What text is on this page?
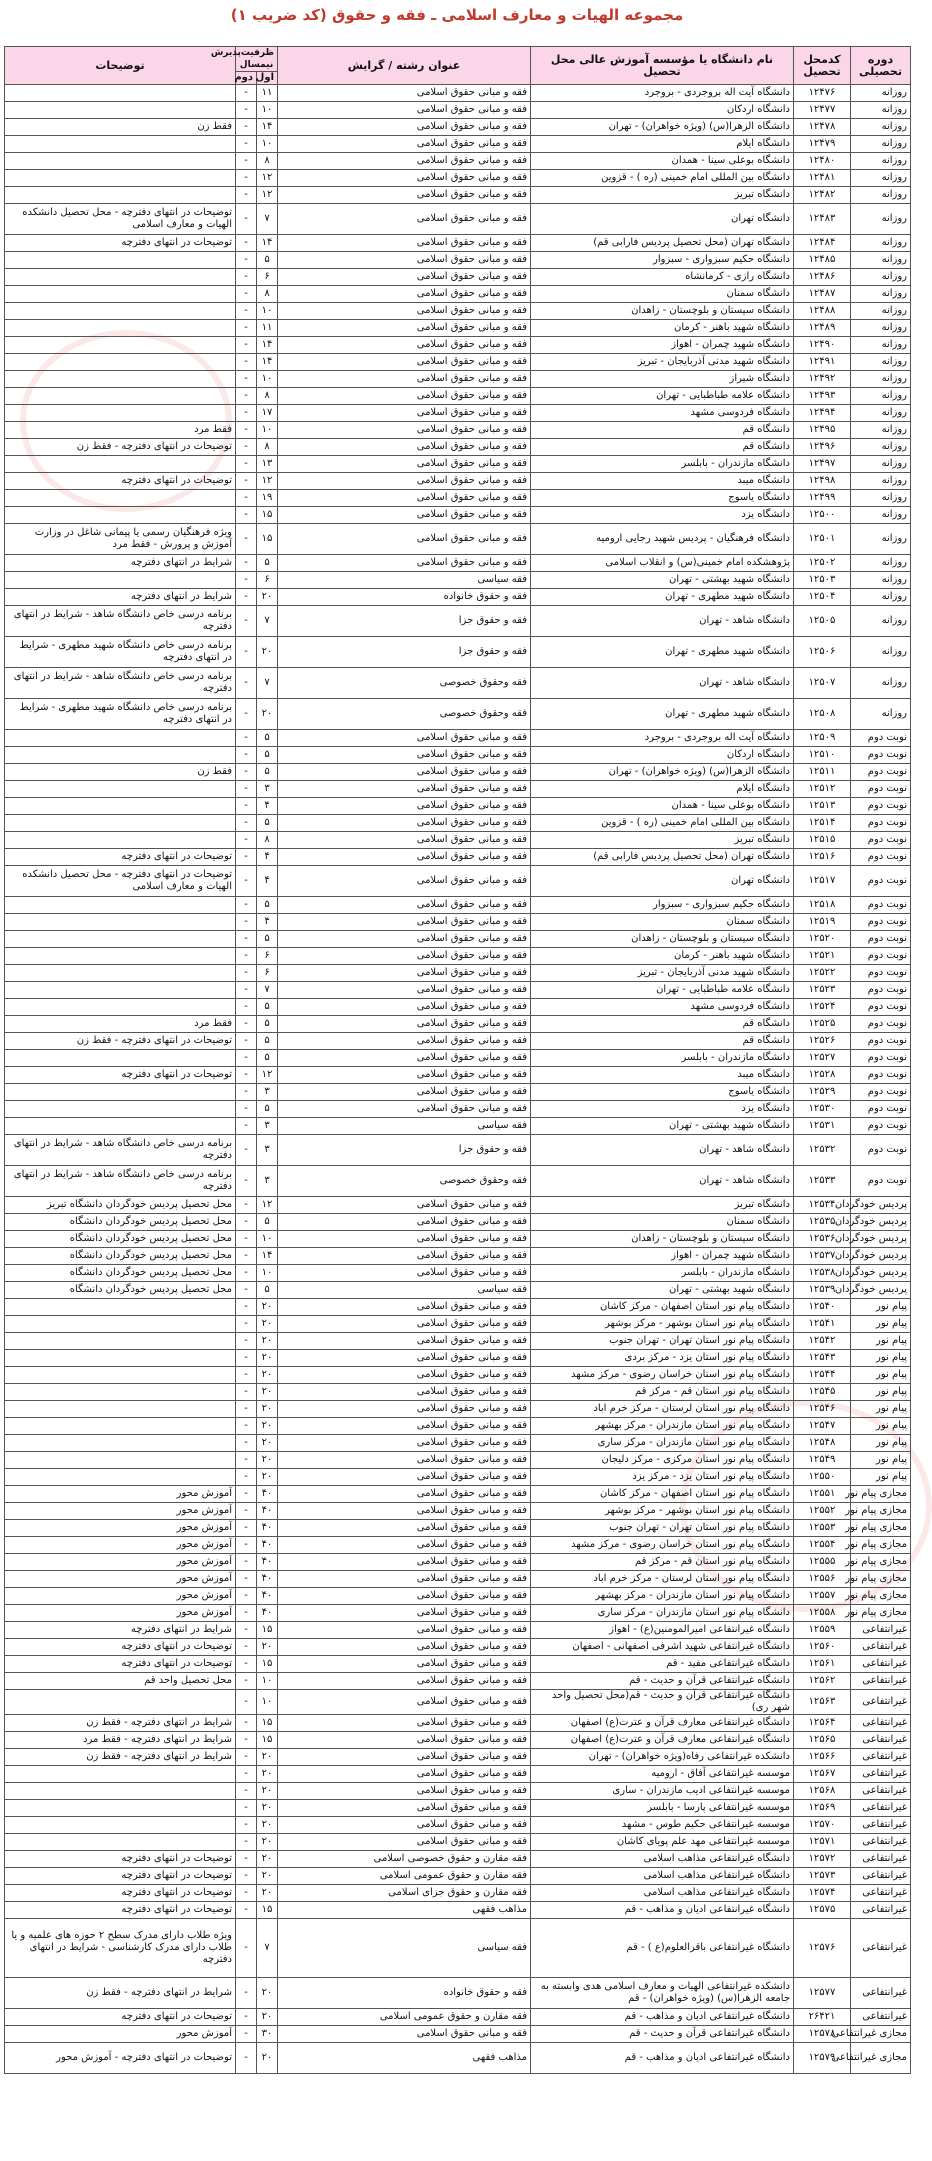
مجموعه الهیات و معارف اسلامی ـ فقه و حقوق (کد ضریب ۱)
دوره تحصیلی	کدمحل تحصیل	نام دانشگاه یا مؤسسه آموزش عالی محل تحصیل	عنوان رشته / گرایش	ظرفیت‌پذیرش نیمسال		توضیحات
				اول	دوم	
روزانه	۱۲۴۷۶	دانشگاه آیت اله بروجردی - بروجرد	فقه و مبانی حقوق اسلامی	۱۱	-	
روزانه	۱۲۴۷۷	دانشگاه اردکان	فقه و مبانی حقوق اسلامی	۱۰	-	
روزانه	۱۲۴۷۸	دانشگاه الزهرا(س) (ویژه خواهران) - تهران	فقه و مبانی حقوق اسلامی	۱۴	-	فقط زن
روزانه	۱۲۴۷۹	دانشگاه ایلام	فقه و مبانی حقوق اسلامی	۱۰	-	
روزانه	۱۲۴۸۰	دانشگاه بوعلی سینا - همدان	فقه و مبانی حقوق اسلامی	۸	-	
روزانه	۱۲۴۸۱	دانشگاه بین المللی امام خمینی (ره ) - قزوین	فقه و مبانی حقوق اسلامی	۱۲	-	
روزانه	۱۲۴۸۲	دانشگاه تبریز	فقه و مبانی حقوق اسلامی	۱۲	-	
روزانه	۱۲۴۸۳	دانشگاه تهران	فقه و مبانی حقوق اسلامی	۷	-	توضیحات در انتهای دفترچه - محل تحصیل دانشکده الهیات و معارف اسلامی
روزانه	۱۲۴۸۴	دانشگاه تهران (محل تحصیل پردیس فارابی قم)	فقه و مبانی حقوق اسلامی	۱۴	-	توضیحات در انتهای دفترچه
روزانه	۱۲۴۸۵	دانشگاه حکیم سبزواری - سبزوار	فقه و مبانی حقوق اسلامی	۵	-	
روزانه	۱۲۴۸۶	دانشگاه رازی - کرمانشاه	فقه و مبانی حقوق اسلامی	۶	-	
روزانه	۱۲۴۸۷	دانشگاه سمنان	فقه و مبانی حقوق اسلامی	۸	-	
روزانه	۱۲۴۸۸	دانشگاه سیستان و بلوچستان - زاهدان	فقه و مبانی حقوق اسلامی	۱۰	-	
روزانه	۱۲۴۸۹	دانشگاه شهید باهنر - کرمان	فقه و مبانی حقوق اسلامی	۱۱	-	
روزانه	۱۲۴۹۰	دانشگاه شهید چمران - اهواز	فقه و مبانی حقوق اسلامی	۱۴	-	
روزانه	۱۲۴۹۱	دانشگاه شهید مدنی آذربایجان - تبریز	فقه و مبانی حقوق اسلامی	۱۴	-	
روزانه	۱۲۴۹۲	دانشگاه شیراز	فقه و مبانی حقوق اسلامی	۱۰	-	
روزانه	۱۲۴۹۳	دانشگاه علامه طباطبایی - تهران	فقه و مبانی حقوق اسلامی	۸	-	
روزانه	۱۲۴۹۴	دانشگاه فردوسی مشهد	فقه و مبانی حقوق اسلامی	۱۷	-	
روزانه	۱۲۴۹۵	دانشگاه قم	فقه و مبانی حقوق اسلامی	۱۰	-	فقط مرد
روزانه	۱۲۴۹۶	دانشگاه قم	فقه و مبانی حقوق اسلامی	۸	-	توضیحات در انتهای دفترچه - فقط زن
روزانه	۱۲۴۹۷	دانشگاه مازندران - بابلسر	فقه و مبانی حقوق اسلامی	۱۳	-	
روزانه	۱۲۴۹۸	دانشگاه میبد	فقه و مبانی حقوق اسلامی	۱۲	-	توضیحات در انتهای دفترچه
روزانه	۱۲۴۹۹	دانشگاه یاسوج	فقه و مبانی حقوق اسلامی	۱۹	-	
روزانه	۱۲۵۰۰	دانشگاه یزد	فقه و مبانی حقوق اسلامی	۱۵	-	
روزانه	۱۲۵۰۱	دانشگاه فرهنگیان - پردیس شهید رجایی ارومیه	فقه و مبانی حقوق اسلامی	۱۵	-	ویژه فرهنگیان رسمی یا پیمانی شاغل در وزارت آموزش و پرورش - فقط مرد
روزانه	۱۲۵۰۲	پژوهشکده امام خمینی(س) و انقلاب اسلامی	فقه و مبانی حقوق اسلامی	۵	-	شرایط در انتهای دفترچه
روزانه	۱۲۵۰۳	دانشگاه شهید بهشتی - تهران	فقه سیاسی	۶	-	
روزانه	۱۲۵۰۴	دانشگاه شهید مطهری - تهران	فقه و حقوق خانواده	۲۰	-	شرایط در انتهای دفترچه
روزانه	۱۲۵۰۵	دانشگاه شاهد - تهران	فقه و حقوق جزا	۷	-	برنامه درسی خاص دانشگاه شاهد - شرایط در انتهای دفترچه
روزانه	۱۲۵۰۶	دانشگاه شهید مطهری - تهران	فقه و حقوق جزا	۲۰	-	برنامه درسی خاص دانشگاه شهید مطهری - شرایط در انتهای دفترچه
روزانه	۱۲۵۰۷	دانشگاه شاهد - تهران	فقه وحقوق خصوصی	۷	-	برنامه درسی خاص دانشگاه شاهد - شرایط در انتهای دفترچه
روزانه	۱۲۵۰۸	دانشگاه شهید مطهری - تهران	فقه وحقوق خصوصی	۲۰	-	برنامه درسی خاص دانشگاه شهید مطهری - شرایط در انتهای دفترچه
نوبت دوم	۱۲۵۰۹	دانشگاه آیت اله بروجردی - بروجرد	فقه و مبانی حقوق اسلامی	۵	-	
نوبت دوم	۱۲۵۱۰	دانشگاه اردکان	فقه و مبانی حقوق اسلامی	۵	-	
نوبت دوم	۱۲۵۱۱	دانشگاه الزهرا(س) (ویژه خواهران) - تهران	فقه و مبانی حقوق اسلامی	۵	-	فقط زن
نوبت دوم	۱۲۵۱۲	دانشگاه ایلام	فقه و مبانی حقوق اسلامی	۳	-	
نوبت دوم	۱۲۵۱۳	دانشگاه بوعلی سینا - همدان	فقه و مبانی حقوق اسلامی	۴	-	
نوبت دوم	۱۲۵۱۴	دانشگاه بین المللی امام خمینی (ره ) - قزوین	فقه و مبانی حقوق اسلامی	۵	-	
نوبت دوم	۱۲۵۱۵	دانشگاه تبریز	فقه و مبانی حقوق اسلامی	۸	-	
نوبت دوم	۱۲۵۱۶	دانشگاه تهران (محل تحصیل پردیس فارابی قم)	فقه و مبانی حقوق اسلامی	۴	-	توضیحات در انتهای دفترچه
نوبت دوم	۱۲۵۱۷	دانشگاه تهران	فقه و مبانی حقوق اسلامی	۴	-	توضیحات در انتهای دفترچه - محل تحصیل دانشکده الهیات و معارف اسلامی
نوبت دوم	۱۲۵۱۸	دانشگاه حکیم سبزواری - سبزوار	فقه و مبانی حقوق اسلامی	۵	-	
نوبت دوم	۱۲۵۱۹	دانشگاه سمنان	فقه و مبانی حقوق اسلامی	۴	-	
نوبت دوم	۱۲۵۲۰	دانشگاه سیستان و بلوچستان - زاهدان	فقه و مبانی حقوق اسلامی	۵	-	
نوبت دوم	۱۲۵۲۱	دانشگاه شهید باهنر - کرمان	فقه و مبانی حقوق اسلامی	۶	-	
نوبت دوم	۱۲۵۲۲	دانشگاه شهید مدنی آذربایجان - تبریز	فقه و مبانی حقوق اسلامی	۶	-	
نوبت دوم	۱۲۵۲۳	دانشگاه علامه طباطبایی - تهران	فقه و مبانی حقوق اسلامی	۷	-	
نوبت دوم	۱۲۵۲۴	دانشگاه فردوسی مشهد	فقه و مبانی حقوق اسلامی	۵	-	
نوبت دوم	۱۲۵۲۵	دانشگاه قم	فقه و مبانی حقوق اسلامی	۵	-	فقط مرد
نوبت دوم	۱۲۵۲۶	دانشگاه قم	فقه و مبانی حقوق اسلامی	۵	-	توضیحات در انتهای دفترچه - فقط زن
نوبت دوم	۱۲۵۲۷	دانشگاه مازندران - بابلسر	فقه و مبانی حقوق اسلامی	۵	-	
نوبت دوم	۱۲۵۲۸	دانشگاه میبد	فقه و مبانی حقوق اسلامی	۱۲	-	توضیحات در انتهای دفترچه
نوبت دوم	۱۲۵۲۹	دانشگاه یاسوج	فقه و مبانی حقوق اسلامی	۳	-	
نوبت دوم	۱۲۵۳۰	دانشگاه یزد	فقه و مبانی حقوق اسلامی	۵	-	
نوبت دوم	۱۲۵۳۱	دانشگاه شهید بهشتی - تهران	فقه سیاسی	۳	-	
نوبت دوم	۱۲۵۳۲	دانشگاه شاهد - تهران	فقه و حقوق جزا	۳	-	برنامه درسی خاص دانشگاه شاهد - شرایط در انتهای دفترچه
نوبت دوم	۱۲۵۳۳	دانشگاه شاهد - تهران	فقه وحقوق خصوصی	۳	-	برنامه درسی خاص دانشگاه شاهد - شرایط در انتهای دفترچه
پردیس خودگردان	۱۲۵۳۴	دانشگاه تبریز	فقه و مبانی حقوق اسلامی	۱۲	-	محل تحصیل پردیس خودگردان دانشگاه تبریز
پردیس خودگردان	۱۲۵۳۵	دانشگاه سمنان	فقه و مبانی حقوق اسلامی	۵	-	محل تحصیل پردیس خودگردان دانشگاه
پردیس خودگردان	۱۲۵۳۶	دانشگاه سیستان و بلوچستان - زاهدان	فقه و مبانی حقوق اسلامی	۱۰	-	محل تحصیل پردیس خودگردان دانشگاه
پردیس خودگردان	۱۲۵۳۷	دانشگاه شهید چمران - اهواز	فقه و مبانی حقوق اسلامی	۱۴	-	محل تحصیل پردیس خودگردان دانشگاه
پردیس خودگردان	۱۲۵۳۸	دانشگاه مازندران - بابلسر	فقه و مبانی حقوق اسلامی	۱۰	-	محل تحصیل پردیس خودگردان دانشگاه
پردیس خودگردان	۱۲۵۳۹	دانشگاه شهید بهشتی - تهران	فقه سیاسی	۵	-	محل تحصیل پردیس خودگردان دانشگاه
پیام نور	۱۲۵۴۰	دانشگاه پیام نور استان اصفهان - مرکز کاشان	فقه و مبانی حقوق اسلامی	۲۰	-	
پیام نور	۱۲۵۴۱	دانشگاه پیام نور استان بوشهر - مرکز بوشهر	فقه و مبانی حقوق اسلامی	۲۰	-	
پیام نور	۱۲۵۴۲	دانشگاه پیام نور استان تهران - تهران جنوب	فقه و مبانی حقوق اسلامی	۲۰	-	
پیام نور	۱۲۵۴۳	دانشگاه پیام نور استان یزد - مرکز بردی	فقه و مبانی حقوق اسلامی	۲۰	-	
پیام نور	۱۲۵۴۴	دانشگاه پیام نور استان خراسان رضوی - مرکز مشهد	فقه و مبانی حقوق اسلامی	۲۰	-	
پیام نور	۱۲۵۴۵	دانشگاه پیام نور استان قم - مرکز قم	فقه و مبانی حقوق اسلامی	۲۰	-	
پیام نور	۱۲۵۴۶	دانشگاه پیام نور استان لرستان - مرکز خرم اباد	فقه و مبانی حقوق اسلامی	۲۰	-	
پیام نور	۱۲۵۴۷	دانشگاه پیام نور استان مازندران - مرکز بهشهر	فقه و مبانی حقوق اسلامی	۲۰	-	
پیام نور	۱۲۵۴۸	دانشگاه پیام نور استان مازندران - مرکز ساری	فقه و مبانی حقوق اسلامی	۲۰	-	
پیام نور	۱۲۵۴۹	دانشگاه پیام نور استان مرکزی - مرکز دلیجان	فقه و مبانی حقوق اسلامی	۲۰	-	
پیام نور	۱۲۵۵۰	دانشگاه پیام نور استان یزد - مرکز یزد	فقه و مبانی حقوق اسلامی	۲۰	-	
مجازی پیام نور	۱۲۵۵۱	دانشگاه پیام نور استان اصفهان - مرکز کاشان	فقه و مبانی حقوق اسلامی	۴۰	-	آموزش محور
مجازی پیام نور	۱۲۵۵۲	دانشگاه پیام نور استان بوشهر - مرکز بوشهر	فقه و مبانی حقوق اسلامی	۴۰	-	آموزش محور
مجازی پیام نور	۱۲۵۵۳	دانشگاه پیام نور استان تهران - تهران جنوب	فقه و مبانی حقوق اسلامی	۴۰	-	آموزش محور
مجازی پیام نور	۱۲۵۵۴	دانشگاه پیام نور استان خراسان رضوی - مرکز مشهد	فقه و مبانی حقوق اسلامی	۴۰	-	آموزش محور
مجازی پیام نور	۱۲۵۵۵	دانشگاه پیام نور استان قم - مرکز قم	فقه و مبانی حقوق اسلامی	۴۰	-	آموزش محور
مجازی پیام نور	۱۲۵۵۶	دانشگاه پیام نور استان لرستان - مرکز خرم اباد	فقه و مبانی حقوق اسلامی	۴۰	-	آموزش محور
مجازی پیام نور	۱۲۵۵۷	دانشگاه پیام نور استان مازندران - مرکز بهشهر	فقه و مبانی حقوق اسلامی	۴۰	-	آموزش محور
مجازی پیام نور	۱۲۵۵۸	دانشگاه پیام نور استان مازندران - مرکز ساری	فقه و مبانی حقوق اسلامی	۴۰	-	آموزش محور
غیرانتفاعی	۱۲۵۵۹	دانشگاه غیرانتفاعی امیرالمومنین(ع) - اهواز	فقه و مبانی حقوق اسلامی	۱۵	-	شرایط در انتهای دفترچه
غیرانتفاعی	۱۲۵۶۰	دانشگاه غیرانتفاعی شهید اشرفی اصفهانی - اصفهان	فقه و مبانی حقوق اسلامی	۲۰	-	توضیحات در انتهای دفترچه
غیرانتفاعی	۱۲۵۶۱	دانشگاه غیرانتفاعی مفید - قم	فقه و مبانی حقوق اسلامی	۱۵	-	توضیحات در انتهای دفترچه
غیرانتفاعی	۱۲۵۶۲	دانشگاه غیرانتفاعی قرآن و حدیث - قم	فقه و مبانی حقوق اسلامی	۱۰	-	محل تحصیل واحد قم
غیرانتفاعی	۱۲۵۶۳	دانشگاه غیرانتفاعی قرآن و حدیث - قم(محل تحصیل واحد شهر ری)	فقه و مبانی حقوق اسلامی	۱۰	-	
غیرانتفاعی	۱۲۵۶۴	دانشگاه غیرانتفاعی معارف قرآن و عترت(ع) اصفهان	فقه و مبانی حقوق اسلامی	۱۵	-	شرایط در انتهای دفترچه - فقط زن
غیرانتفاعی	۱۲۵۶۵	دانشگاه غیرانتفاعی معارف قرآن و عترت(ع) اصفهان	فقه و مبانی حقوق اسلامی	۱۵	-	شرایط در انتهای دفترچه - فقط مرد
غیرانتفاعی	۱۲۵۶۶	دانشکده غیرانتفاعی رفاه(ویژه خواهران) - تهران	فقه و مبانی حقوق اسلامی	۲۰	-	شرایط در انتهای دفترچه - فقط زن
غیرانتفاعی	۱۲۵۶۷	موسسه غیرانتفاعی آفاق - ارومیه	فقه و مبانی حقوق اسلامی	۲۰	-	
غیرانتفاعی	۱۲۵۶۸	موسسه غیرانتفاعی ادیب مازندران - ساری	فقه و مبانی حقوق اسلامی	۲۰	-	
غیرانتفاعی	۱۲۵۶۹	موسسه غیرانتفاعی پارسا - بابلسر	فقه و مبانی حقوق اسلامی	۲۰	-	
غیرانتفاعی	۱۲۵۷۰	موسسه غیرانتفاعی حکیم طوس - مشهد	فقه و مبانی حقوق اسلامی	۲۰	-	
غیرانتفاعی	۱۲۵۷۱	موسسه غیرانتفاعی مهد علم پویای کاشان	فقه و مبانی حقوق اسلامی	۲۰	-	
غیرانتفاعی	۱۲۵۷۲	دانشگاه غیرانتفاعی مذاهب اسلامی	فقه مقارن و حقوق خصوصی اسلامی	۲۰	-	توضیحات در انتهای دفترچه
غیرانتفاعی	۱۲۵۷۳	دانشگاه غیرانتفاعی مذاهب اسلامی	فقه مقارن و حقوق عمومی اسلامی	۲۰	-	توضیحات در انتهای دفترچه
غیرانتفاعی	۱۲۵۷۴	دانشگاه غیرانتفاعی مذاهب اسلامی	فقه مقارن و حقوق جزای اسلامی	۲۰	-	توضیحات در انتهای دفترچه
غیرانتفاعی	۱۲۵۷۵	دانشگاه غیرانتفاعی ادیان و مذاهب - قم	مذاهب فقهی	۱۵	-	توضیحات در انتهای دفترچه
غیرانتفاعی	۱۲۵۷۶	دانشگاه غیرانتفاعی باقرالعلوم(ع ) - قم	فقه سیاسی	۷	-	ویژه طلاب دارای مدرک سطح ۲ حوزه های علمیه و یا طلاب دارای مدرک کارشناسی - شرایط در انتهای دفترچه
غیرانتفاعی	۱۲۵۷۷	دانشکده غیرانتفاعی الهیات و معارف اسلامی هدی وابسته به جامعه الزهرا(س) (ویژه خواهران) - قم	فقه و حقوق خانواده	۲۰	-	شرایط در انتهای دفترچه - فقط زن
غیرانتفاعی	۲۶۴۲۱	دانشگاه غیرانتفاعی ادیان و مذاهب - قم	فقه مقارن و حقوق عمومی اسلامی	۲۰	-	توضیحات در انتهای دفترچه
مجازی غیرانتفاعی	۱۲۵۷۸	دانشگاه غیرانتفاعی قرآن و حدیث - قم	فقه و مبانی حقوق اسلامی	۳۰	-	آموزش محور
مجازی غیرانتفاعی	۱۲۵۷۹	دانشگاه غیرانتفاعی ادیان و مذاهب - قم	مذاهب فقهی	۲۰	-	توضیحات در انتهای دفترچه - آموزش محور
